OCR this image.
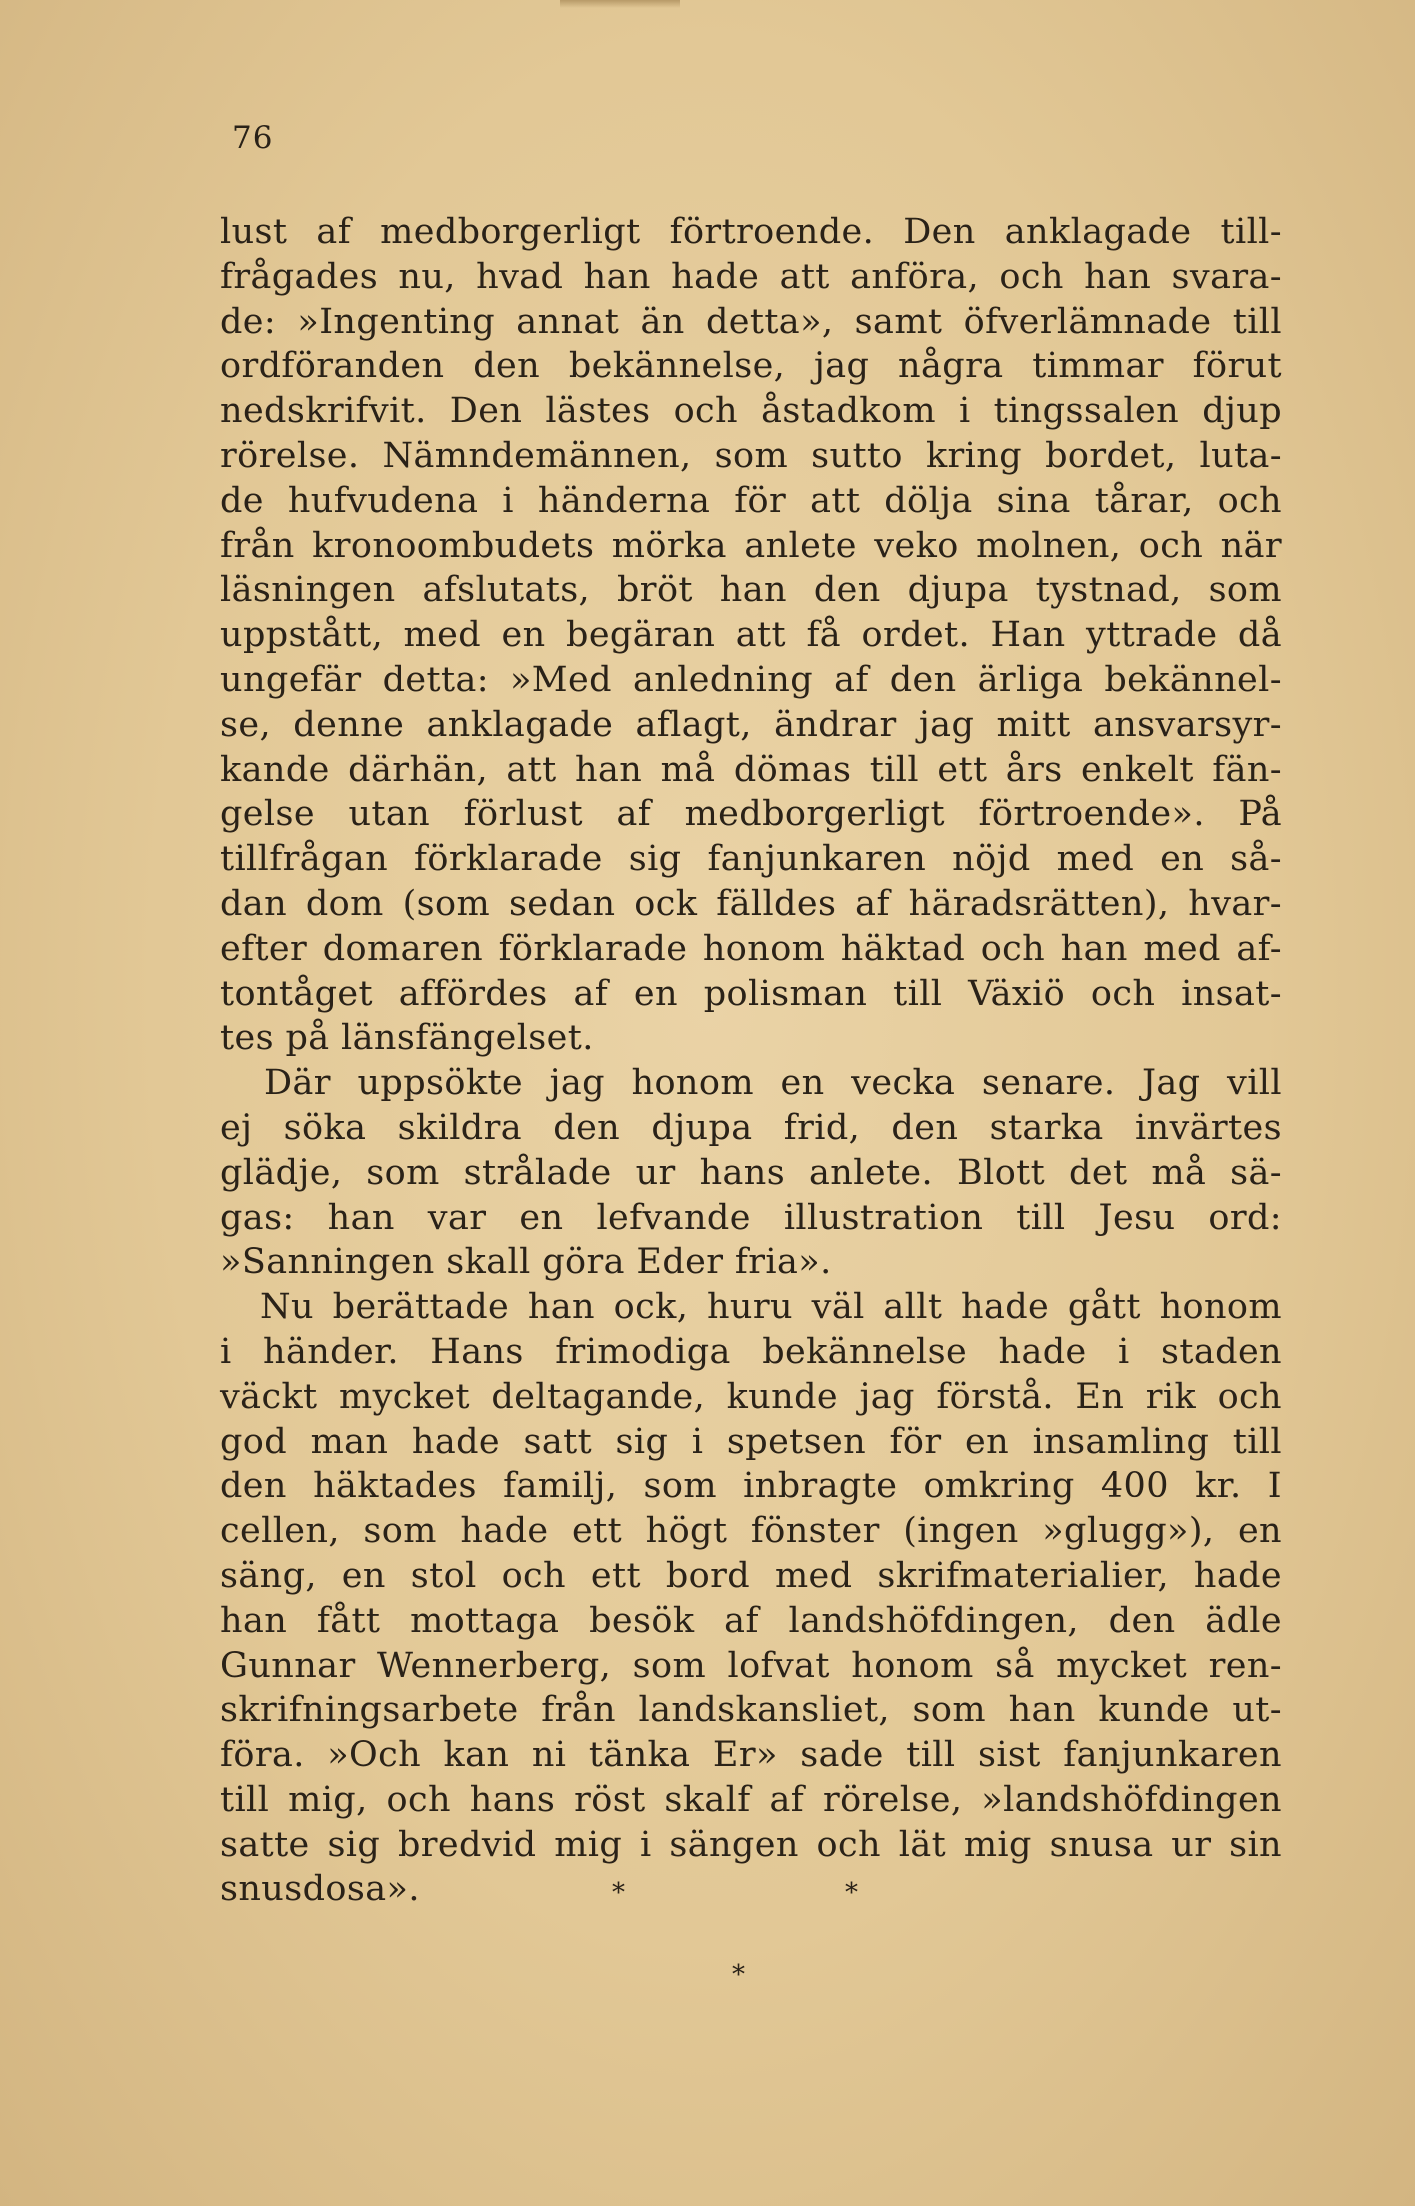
76
lust af medborgerligt förtroende. Den anklagade till-
frågades nu, hvad han hade att anföra, och han svara-
de: »Ingenting annat än detta», samt öfverlämnade till
ordföranden den bekännelse, jag några timmar förut
nedskrifvit. Den lästes och åstadkom i tingssalen djup
rörelse. Nämndemännen, som sutto kring bordet, luta-
de hufvudena i händerna för att dölja sina tårar, och
från kronoombudets mörka anlete veko molnen, och när
läsningen afslutats, bröt han den djupa tystnad, som
uppstått, med en begäran att få ordet. Han yttrade då
ungefär detta: »Med anledning af den ärliga bekännel-
se, denne anklagade aflagt, ändrar jag mitt ansvarsyr-
kande därhän, att han må dömas till ett års enkelt fän-
gelse utan förlust af medborgerligt förtroende». På
tillfrågan förklarade sig fanjunkaren nöjd med en så-
dan dom (som sedan ock fälldes af häradsrätten), hvar-
efter domaren förklarade honom häktad och han med af-
tontåget affördes af en polisman till Växiö och insat-
tes på länsfängelset.
Där uppsökte jag honom en vecka senare. Jag vill
ej söka skildra den djupa frid, den starka invärtes
glädje, som strålade ur hans anlete. Blott det må sä-
gas: han var en lefvande illustration till Jesu ord:
»Sanningen skall göra Eder fria».
Nu berättade han ock, huru väl allt hade gått honom
i händer. Hans frimodiga bekännelse hade i staden
väckt mycket deltagande, kunde jag förstå. En rik och
god man hade satt sig i spetsen för en insamling till
den häktades familj, som inbragte omkring 400 kr. I
cellen, som hade ett högt fönster (ingen »glugg»), en
säng, en stol och ett bord med skrifmaterialier, hade
han fått mottaga besök af landshöfdingen, den ädle
Gunnar Wennerberg, som lofvat honom så mycket ren-
skrifningsarbete från landskansliet, som han kunde ut-
föra. »Och kan ni tänka Er» sade till sist fanjunkaren
till mig, och hans röst skalf af rörelse, »landshöfdingen
satte sig bredvid mig i sängen och lät mig snusa ur sin
snusdosa».	*	*
*
